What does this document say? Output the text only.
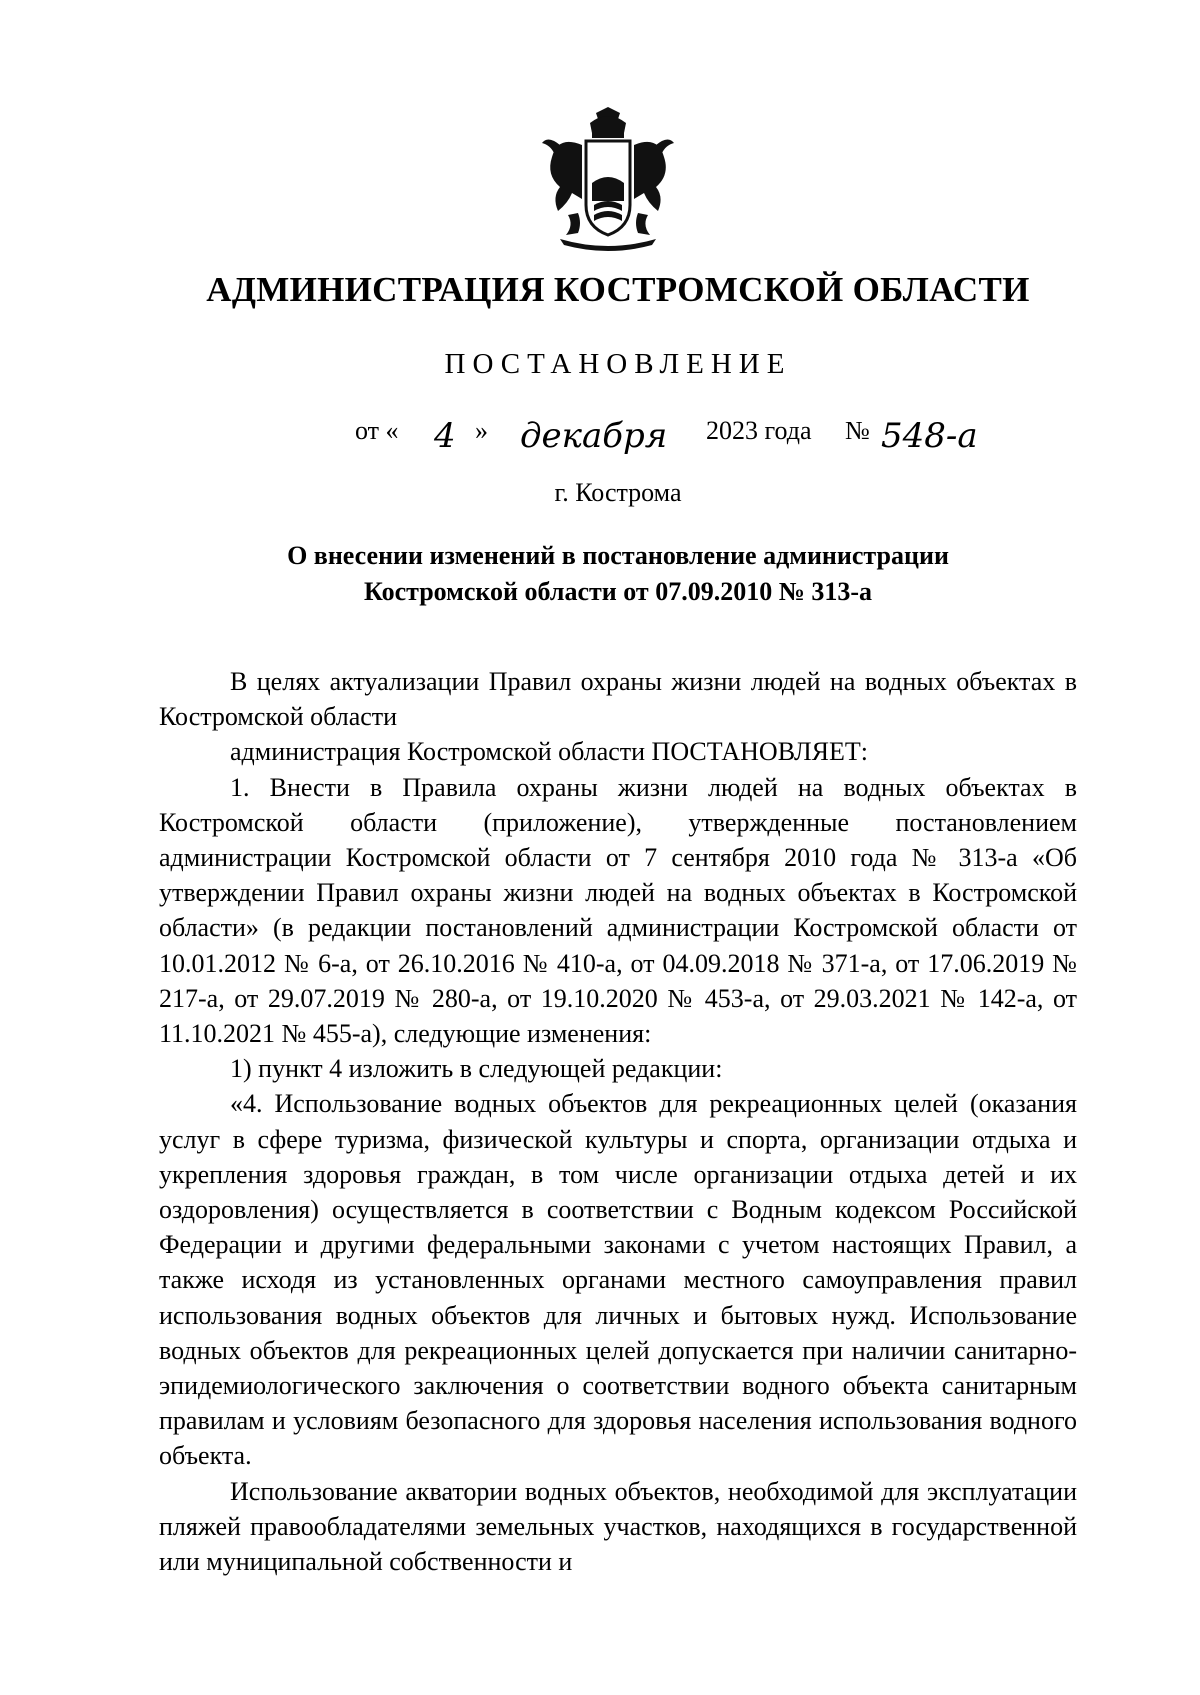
АДМИНИСТРАЦИЯ КОСТРОМСКОЙ ОБЛАСТИ
ПОСТАНОВЛЕНИЕ
от « 4 » декабря 2023 года № 548-а
г. Кострома
О внесении изменений в постановление администрации
Костромской области от 07.09.2010 № 313-а

В целях актуализации Правил охраны жизни людей на водных объектах в Костромской области

администрация Костромской области ПОСТАНОВЛЯЕТ:

1. Внести в Правила охраны жизни людей на водных объектах в Костромской области (приложение), утвержденные постановлением администрации Костромской области от 7 сентября 2010 года № 313-а «Об утверждении Правил охраны жизни людей на водных объектах в Костромской области» (в редакции постановлений администрации Костромской области от 10.01.2012 № 6-а, от 26.10.2016 № 410-а, от 04.09.2018 № 371-а, от 17.06.2019 № 217-а, от 29.07.2019 № 280-а, от 19.10.2020 № 453-а, от 29.03.2021 № 142-а, от 11.10.2021 № 455-а), следующие изменения:

1) пункт 4 изложить в следующей редакции:

«4. Использование водных объектов для рекреационных целей (оказания услуг в сфере туризма, физической культуры и спорта, организации отдыха и укрепления здоровья граждан, в том числе организации отдыха детей и их оздоровления) осуществляется в соответствии с Водным кодексом Российской Федерации и другими федеральными законами с учетом настоящих Правил, а также исходя из установленных органами местного самоуправления правил использования водных объектов для личных и бытовых нужд. Использование водных объектов для рекреационных целей допускается при наличии санитарно-эпидемиологического заключения о соответствии водного объекта санитарным правилам и условиям безопасного для здоровья населения использования водного объекта.

Использование акватории водных объектов, необходимой для эксплуатации пляжей правообладателями земельных участков, находящихся в государственной или муниципальной собственности и
